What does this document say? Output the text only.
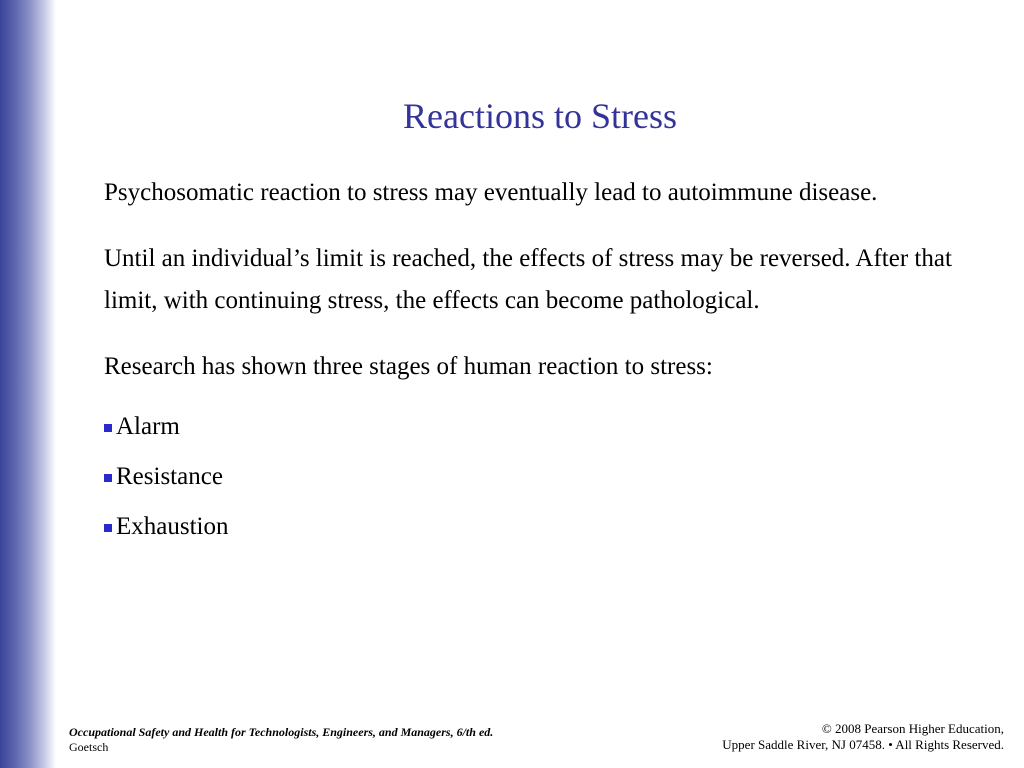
Reactions to Stress

Psychosomatic reaction to stress may eventually lead to autoimmune disease.

Until an individual’s limit is reached, the effects of stress may be reversed. After that limit, with continuing stress, the effects can become pathological.

Research has shown three stages of human reaction to stress:

Alarm
Resistance
Exhaustion
Occupational Safety and Health for Technologists, Engineers, and Managers, 6/th ed.
Goetsch
© 2008 Pearson Higher Education,
Upper Saddle River, NJ 07458. • All Rights Reserved.
